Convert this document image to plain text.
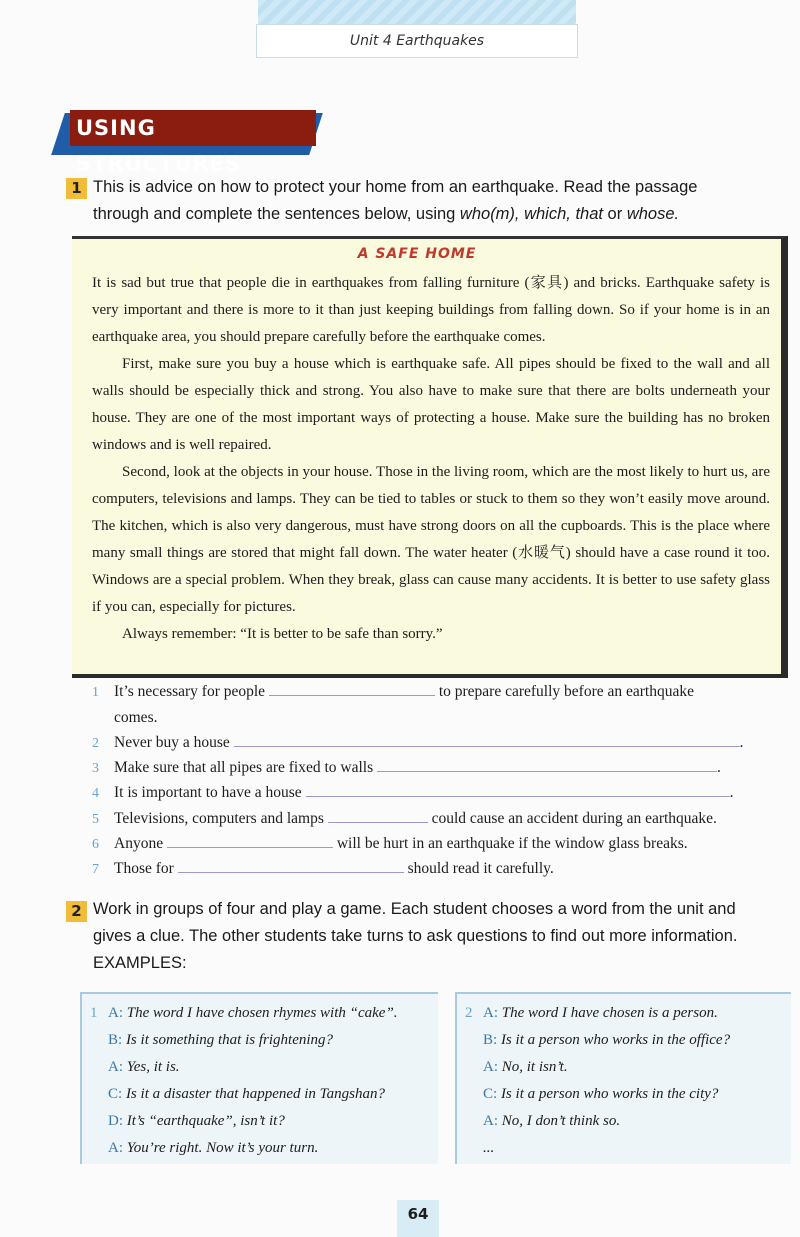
Unit 4 Earthquakes
USING STRUCTURES
1 This is advice on how to protect your home from an earthquake. Read the passage
through and complete the sentences below, using who(m), which, that or whose.
A SAFE HOME

It is sad but true that people die in earthquakes from falling furniture (家具) and bricks. Earthquake safety is very important and there is more to it than just keeping buildings from falling down. So if your home is in an earthquake area, you should prepare carefully before the earthquake comes.

First, make sure you buy a house which is earthquake safe. All pipes should be fixed to the wall and all walls should be especially thick and strong. You also have to make sure that there are bolts underneath your house. They are one of the most important ways of protecting a house. Make sure the building has no broken windows and is well repaired.

Second, look at the objects in your house. Those in the living room, which are the most likely to hurt us, are computers, televisions and lamps. They can be tied to tables or stuck to them so they won’t easily move around. The kitchen, which is also very dangerous, must have strong doors on all the cupboards. This is the place where many small things are stored that might fall down. The water heater (水暖气) should have a case round it too. Windows are a special problem. When they break, glass can cause many accidents. It is better to use safety glass if you can, especially for pictures.

Always remember: “It is better to be safe than sorry.”

1 It’s necessary for people	to prepare carefully before an earthquake
comes.
2 Never buy a house	.
3 Make sure that all pipes are fixed to walls	.
4 It is important to have a house	.
5 Televisions, computers and lamps	could cause an accident during an earthquake.
6 Anyone	will be hurt in an earthquake if the window glass breaks.
7 Those for	should read it carefully.
2 Work in groups of four and play a game. Each student chooses a word from the unit and
gives a clue. The other students take turns to ask questions to find out more information.
EXAMPLES:
1 A: The word I have chosen rhymes with “cake”.
B: Is it something that is frightening?
A: Yes, it is.
C: Is it a disaster that happened in Tangshan?
D: It’s “earthquake”, isn’t it?
A: You’re right. Now it’s your turn.
2 A: The word I have chosen is a person.
B: Is it a person who works in the office?
A: No, it isn’t.
C: Is it a person who works in the city?
A: No, I don’t think so.
...
64
